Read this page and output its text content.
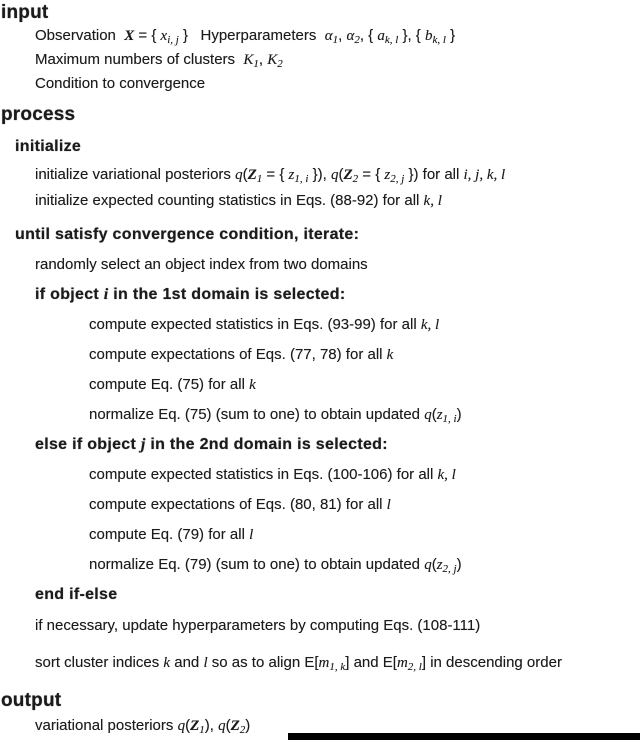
input
Observation  X = { $x_{i, j}$ }   Hyperparameters  $\alpha_1$, $\alpha_2$, { $a_{k, l}$ }, { $b_{k, l}$ }
Maximum numbers of clusters  $K_1$, $K_2$
Condition to convergence
process
initialize
initialize variational posteriors $q(Z_1$ = { $z_{1, i}$ }), $q(Z_2$ = { $z_{2, j}$ }) for all i, j, k, l
initialize expected counting statistics in Eqs. (88-92) for all k, l
until satisfy convergence condition, iterate:
randomly select an object index from two domains
if object i in the 1st domain is selected:
compute expected statistics in Eqs. (93-99) for all k, l
compute expectations of Eqs. (77, 78) for all k
compute Eq. (75) for all k
normalize Eq. (75) (sum to one) to obtain updated $q(z_{1, i})$
else if object j in the 2nd domain is selected:
compute expected statistics in Eqs. (100-106) for all k, l
compute expectations of Eqs. (80, 81) for all l
compute Eq. (79) for all l
normalize Eq. (79) (sum to one) to obtain updated $q(z_{2, j})$
end if-else
if necessary, update hyperparameters by computing Eqs. (108-111)
sort cluster indices k and l so as to align $E[m_{1, k}]$ and $E[m_{2, l}]$ in descending order
output
variational posteriors $q(Z_1)$, $q(Z_2)$
